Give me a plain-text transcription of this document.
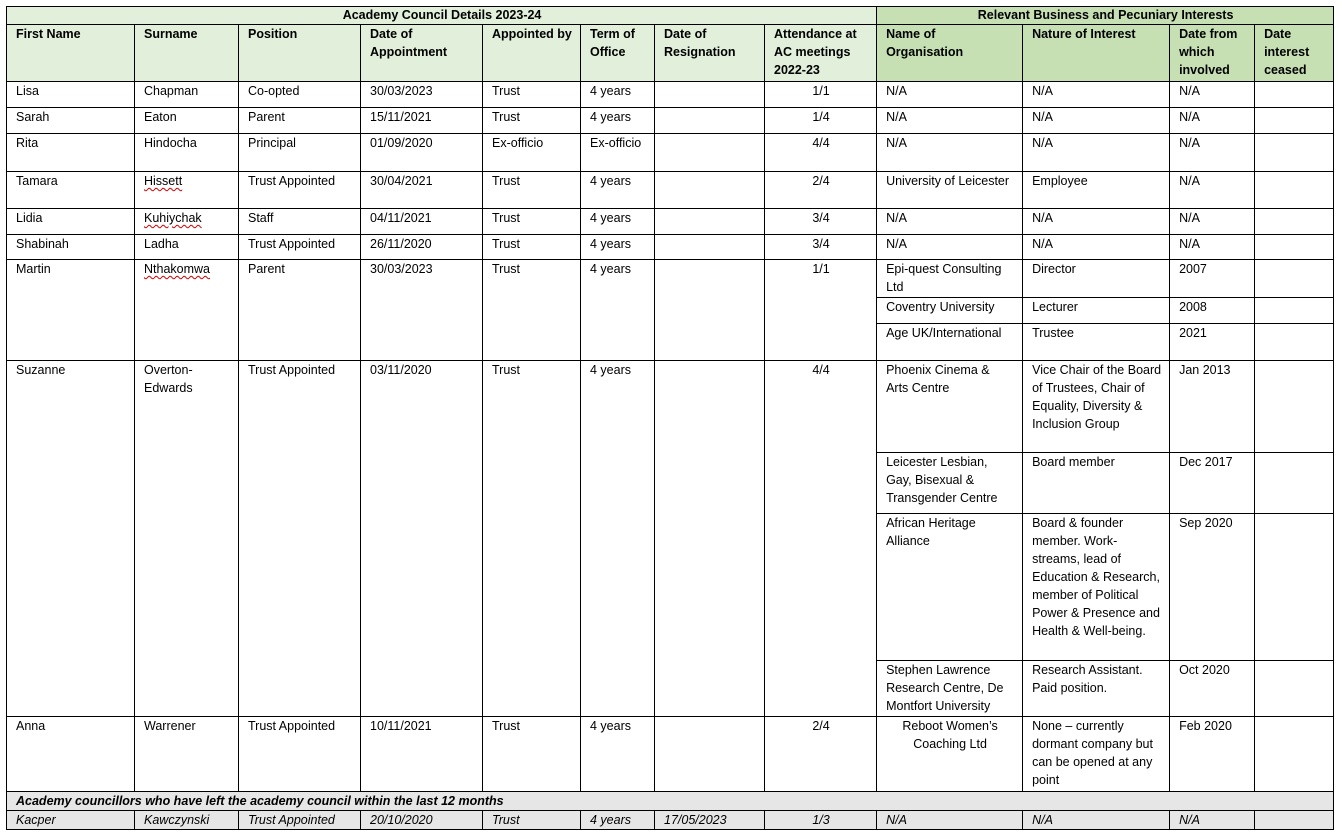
Academy Council Details 2023-24								Relevant Business and Pecuniary Interests			
First Name	Surname	Position	Date of Appointment	Appointed by	Term of Office	Date of Resignation	Attendance at AC meetings 2022-23	Name of Organisation	Nature of Interest	Date from which involved	Date interest ceased
Lisa	Chapman	Co-opted	30/03/2023	Trust	4 years		1/1	N/A	N/A	N/A	
Sarah	Eaton	Parent	15/11/2021	Trust	4 years		1/4	N/A	N/A	N/A	
Rita	Hindocha	Principal	01/09/2020	Ex-officio	Ex-officio		4/4	N/A	N/A	N/A	
Tamara	Hissett	Trust Appointed	30/04/2021	Trust	4 years		2/4	University of Leicester	Employee	N/A	
Lidia	Kuhiychak	Staff	04/11/2021	Trust	4 years		3/4	N/A	N/A	N/A	
Shabinah	Ladha	Trust Appointed	26/11/2020	Trust	4 years		3/4	N/A	N/A	N/A	
Martin	Nthakomwa	Parent	30/03/2023	Trust	4 years		1/1	Epi-quest Consulting Ltd	Director	2007	
								Coventry University	Lecturer	2008	
								Age UK/International	Trustee	2021	
Suzanne	Overton-Edwards	Trust Appointed	03/11/2020	Trust	4 years		4/4	Phoenix Cinema & Arts Centre	Vice Chair of the Board of Trustees, Chair of Equality, Diversity & Inclusion Group	Jan 2013	
								Leicester Lesbian, Gay, Bisexual & Transgender Centre	Board member	Dec 2017	
								African Heritage Alliance	Board & founder member. Work-streams, lead of Education & Research, member of Political Power & Presence and Health & Well-being.	Sep 2020	
								Stephen Lawrence Research Centre, De Montfort University	Research Assistant. Paid position.	Oct 2020	
Anna	Warrener	Trust Appointed	10/11/2021	Trust	4 years		2/4	Reboot Women’s Coaching Ltd	None – currently dormant company but can be opened at any point	Feb 2020	
Academy councillors who have left the academy council within the last 12 months											
Kacper	Kawczynski	Trust Appointed	20/10/2020	Trust	4 years	17/05/2023	1/3	N/A	N/A	N/A	
